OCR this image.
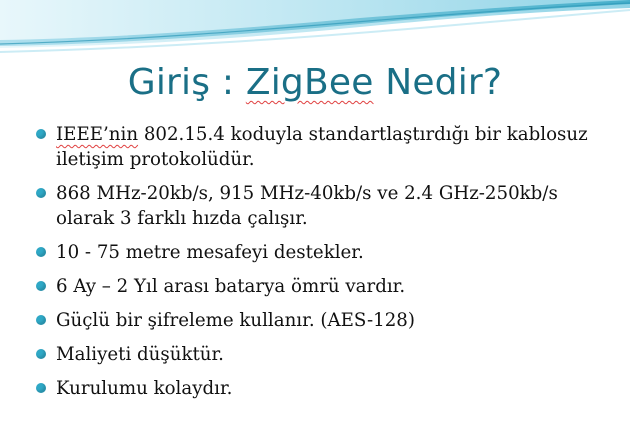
Giriş : ZigBee Nedir?
IEEE’nin 802.15.4 koduyla standartlaştırdığı bir kablosuz iletişim protokolüdür.
868 MHz-20kb/s, 915 MHz-40kb/s ve 2.4 GHz-250kb/s olarak 3 farklı hızda çalışır.
10 - 75 metre mesafeyi destekler.
6 Ay – 2 Yıl arası batarya ömrü vardır.
Güçlü bir şifreleme kullanır. (AES-128)
Maliyeti düşüktür.
Kurulumu kolaydır.
